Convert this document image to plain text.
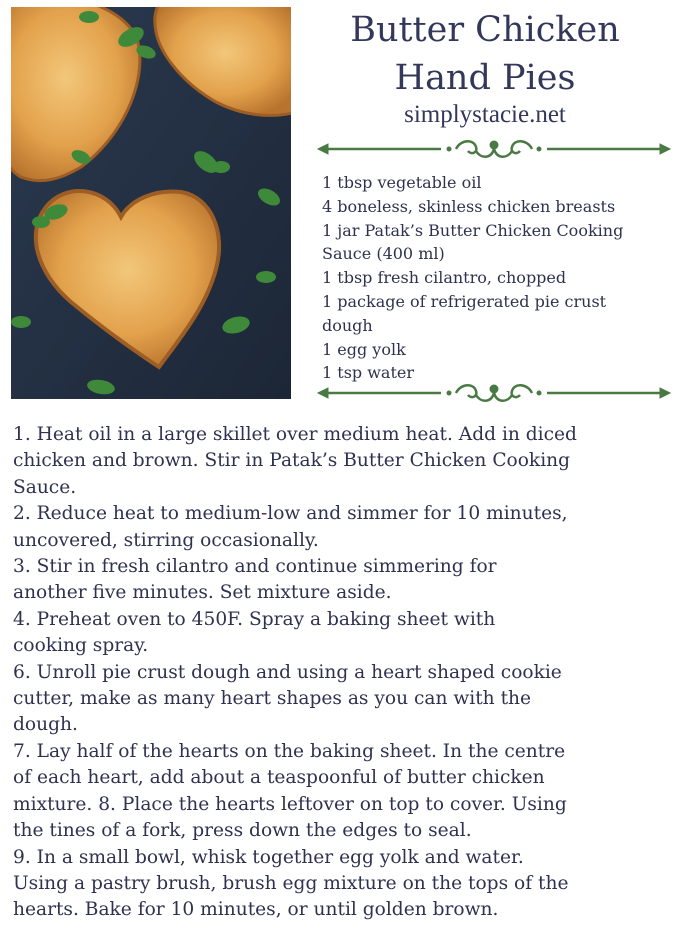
Butter Chicken
Hand Pies
simplystacie.net
1 tbsp vegetable oil
4 boneless, skinless chicken breasts
1 jar Patak’s Butter Chicken Cooking
Sauce (400 ml)
1 tbsp fresh cilantro, chopped
1 package of refrigerated pie crust
dough
1 egg yolk
1 tsp water

1. Heat oil in a large skillet over medium heat. Add in diced

chicken and brown. Stir in Patak’s Butter Chicken Cooking

Sauce.

2. Reduce heat to medium-low and simmer for 10 minutes,

uncovered, stirring occasionally.

3. Stir in fresh cilantro and continue simmering for

another five minutes. Set mixture aside.

4. Preheat oven to 450F. Spray a baking sheet with

cooking spray.

6. Unroll pie crust dough and using a heart shaped cookie

cutter, make as many heart shapes as you can with the

dough.

7. Lay half of the hearts on the baking sheet. In the centre

of each heart, add about a teaspoonful of butter chicken

mixture. 8. Place the hearts leftover on top to cover. Using

the tines of a fork, press down the edges to seal.

9. In a small bowl, whisk together egg yolk and water.

Using a pastry brush, brush egg mixture on the tops of the

hearts. Bake for 10 minutes, or until golden brown.
